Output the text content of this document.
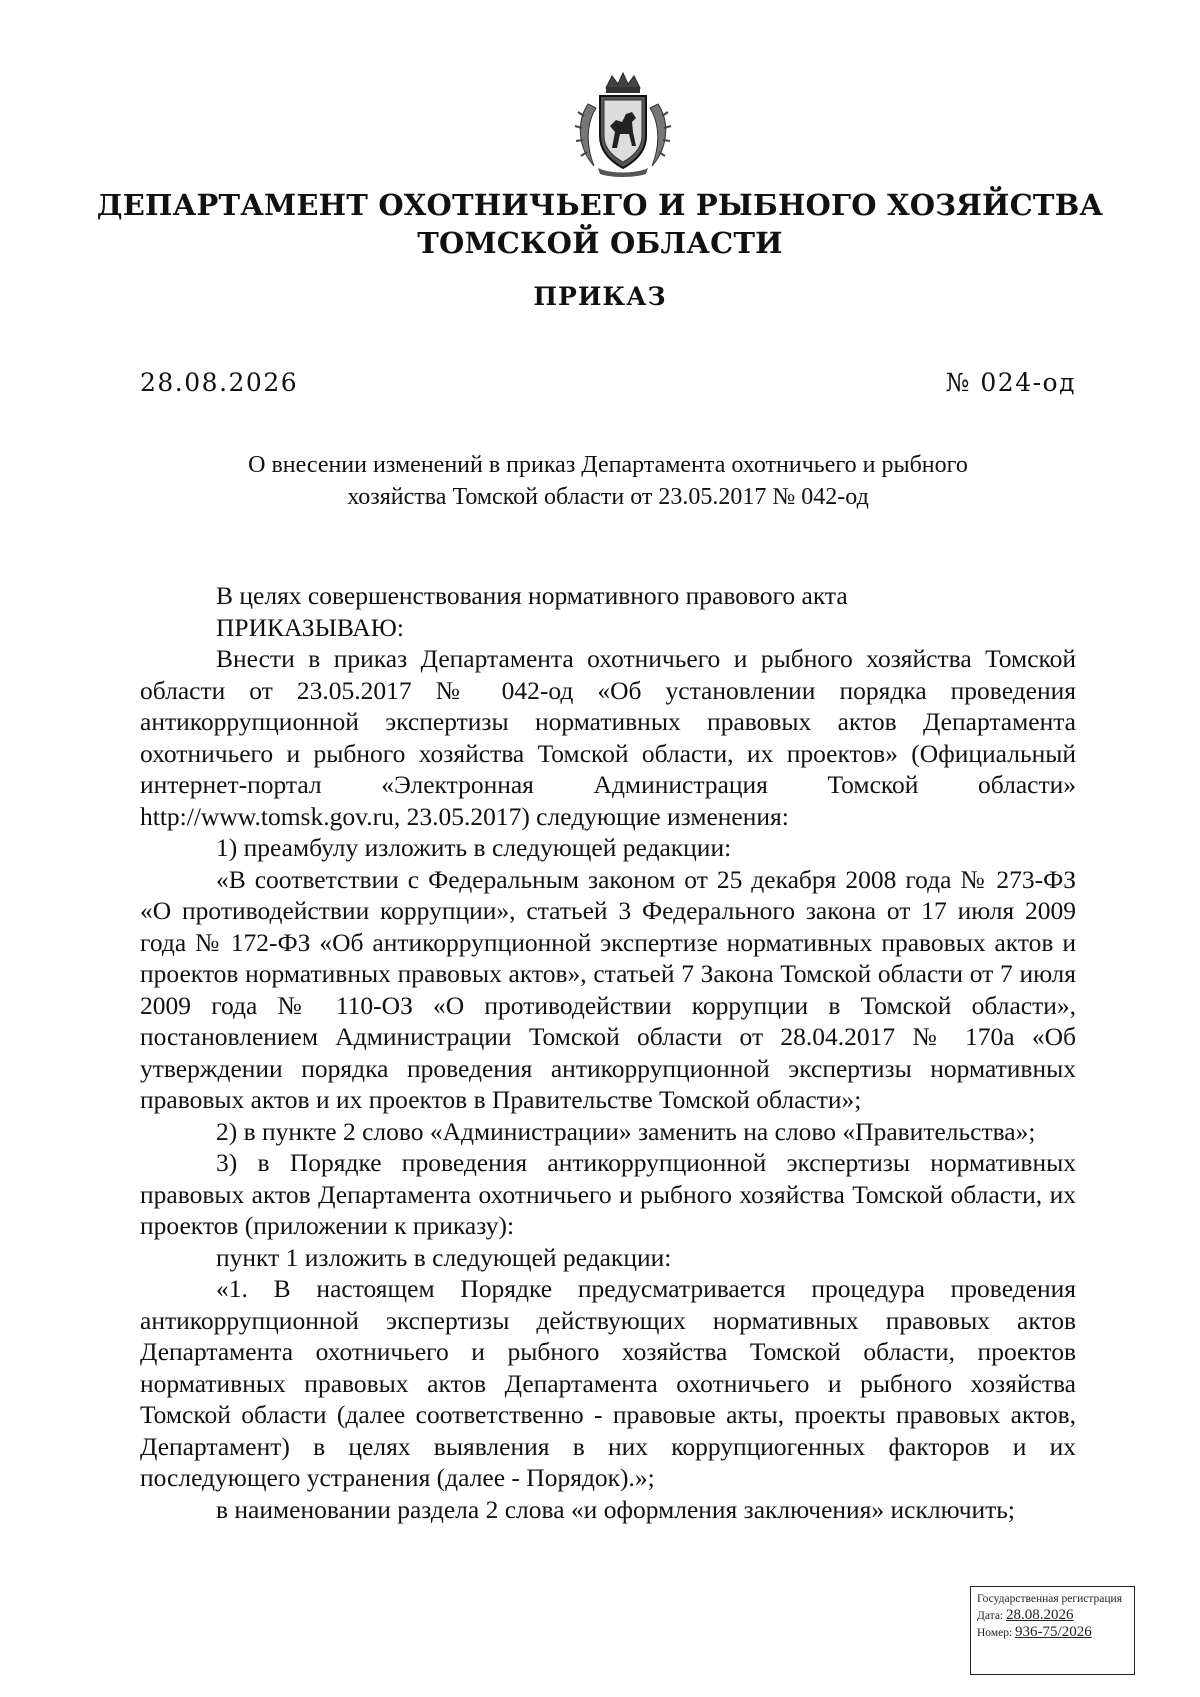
ДЕПАРТАМЕНТ ОХОТНИЧЬЕГО И РЫБНОГО ХОЗЯЙСТВА
ТОМСКОЙ ОБЛАСТИ
ПРИКАЗ
28.08.2026	№ 024-од
О внесении изменений в приказ Департамента охотничьего и рыбного
хозяйства Томской области от 23.05.2017 № 042-од

В целях совершенствования нормативного правового акта

ПРИКАЗЫВАЮ:

Внести в приказ Департамента охотничьего и рыбного хозяйства Томской области от 23.05.2017 № 042-од «Об установлении порядка проведения антикоррупционной экспертизы нормативных правовых актов Департамента охотничьего и рыбного хозяйства Томской области, их проектов» (Официальный интернет-портал «Электронная Администрация Томской области» http://www.tomsk.gov.ru, 23.05.2017) следующие изменения:

1) преамбулу изложить в следующей редакции:

«В соответствии с Федеральным законом от 25 декабря 2008 года № 273-ФЗ «О противодействии коррупции», статьей 3 Федерального закона от 17 июля 2009 года № 172-ФЗ «Об антикоррупционной экспертизе нормативных правовых актов и проектов нормативных правовых актов», статьей 7 Закона Томской области от 7 июля 2009 года № 110-ОЗ «О противодействии коррупции в Томской области», постановлением Администрации Томской области от 28.04.2017 № 170а «Об утверждении порядка проведения антикоррупционной экспертизы нормативных правовых актов и их проектов в Правительстве Томской области»;

2) в пункте 2 слово «Администрации» заменить на слово «Правительства»;

3) в Порядке проведения антикоррупционной экспертизы нормативных правовых актов Департамента охотничьего и рыбного хозяйства Томской области, их проектов (приложении к приказу):

пункт 1 изложить в следующей редакции:

«1. В настоящем Порядке предусматривается процедура проведения антикоррупционной экспертизы действующих нормативных правовых актов Департамента охотничьего и рыбного хозяйства Томской области, проектов нормативных правовых актов Департамента охотничьего и рыбного хозяйства Томской области (далее соответственно - правовые акты, проекты правовых актов, Департамент) в целях выявления в них коррупциогенных факторов и их последующего устранения (далее - Порядок).»;

в наименовании раздела 2 слова «и оформления заключения» исключить;

Государственная регистрация
Дата: 28.08.2026
Номер: 936-75/2026
